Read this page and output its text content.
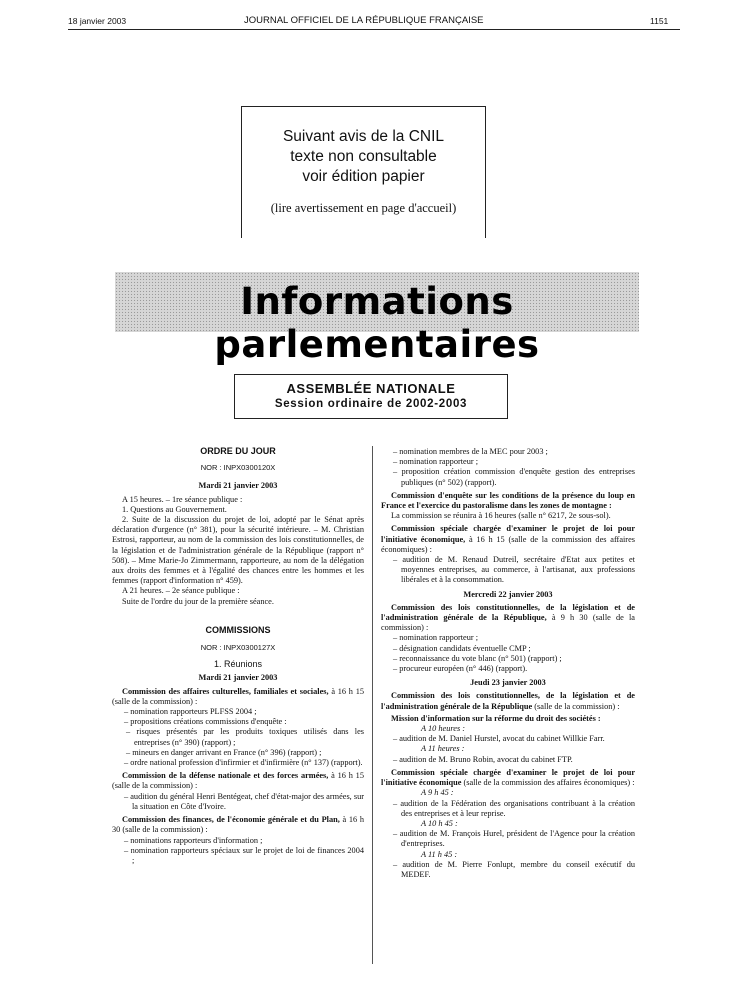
18 janvier 2003	JOURNAL OFFICIEL DE LA RÉPUBLIQUE FRANÇAISE	1151
Suivant avis de la CNIL
texte non consultable
voir édition papier
(lire avertissement en page d'accueil)
Informations parlementaires
ASSEMBLÉE NATIONALE
Session ordinaire de 2002-2003

ORDRE DU JOUR

NOR : INPX0300120X

Mardi 21 janvier 2003

A 15 heures. – 1re séance publique :

1. Questions au Gouvernement.

2. Suite de la discussion du projet de loi, adopté par le Sénat après déclaration d'urgence (n° 381), pour la sécurité intérieure. – M. Christian Estrosi, rapporteur, au nom de la commission des lois constitutionnelles, de la législation et de l'administration générale de la République (rapport n° 508). – Mme Marie-Jo Zimmermann, rapporteure, au nom de la délégation aux droits des femmes et à l'égalité des chances entre les hommes et les femmes (rapport d'information n° 459).

A 21 heures. – 2e séance publique :

Suite de l'ordre du jour de la première séance.

COMMISSIONS

NOR : INPX0300127X

1. Réunions

Mardi 21 janvier 2003

Commission des affaires culturelles, familiales et sociales, à 16 h 15 (salle de la commission) :

– nomination rapporteurs PLFSS 2004 ;

– propositions créations commissions d'enquête :

– risques présentés par les produits toxiques utilisés dans les entreprises (n° 390) (rapport) ;

– mineurs en danger arrivant en France (n° 396) (rapport) ;

– ordre national profession d'infirmier et d'infirmière (n° 137) (rapport).

Commission de la défense nationale et des forces armées, à 16 h 15 (salle de la commission) :

– audition du général Henri Bentégeat, chef d'état-major des armées, sur la situation en Côte d'Ivoire.

Commission des finances, de l'économie générale et du Plan, à 16 h 30 (salle de la commission) :

– nominations rapporteurs d'information ;

– nomination rapporteurs spéciaux sur le projet de loi de finances 2004 ;

– nomination membres de la MEC pour 2003 ;

– nomination rapporteur ;

– proposition création commission d'enquête gestion des entreprises publiques (n° 502) (rapport).

Commission d'enquête sur les conditions de la présence du loup en France et l'exercice du pastoralisme dans les zones de montagne :

La commission se réunira à 16 heures (salle n° 6217, 2e sous-sol).

Commission spéciale chargée d'examiner le projet de loi pour l'initiative économique, à 16 h 15 (salle de la commission des affaires économiques) :

– audition de M. Renaud Dutreil, secrétaire d'Etat aux petites et moyennes entreprises, au commerce, à l'artisanat, aux professions libérales et à la consommation.

Mercredi 22 janvier 2003

Commission des lois constitutionnelles, de la législation et de l'administration générale de la République, à 9 h 30 (salle de la commission) :

– nomination rapporteur ;

– désignation candidats éventuelle CMP ;

– reconnaissance du vote blanc (n° 501) (rapport) ;

– procureur européen (n° 446) (rapport).

Jeudi 23 janvier 2003

Commission des lois constitutionnelles, de la législation et de l'administration générale de la République (salle de la commission) :

Mission d'information sur la réforme du droit des sociétés :

A 10 heures :

– audition de M. Daniel Hurstel, avocat du cabinet Willkie Farr.

A 11 heures :

– audition de M. Bruno Robin, avocat du cabinet FTP.

Commission spéciale chargée d'examiner le projet de loi pour l'initiative économique (salle de la commission des affaires économiques) :

A 9 h 45 :

– audition de la Fédération des organisations contribuant à la création des entreprises et à leur reprise.

A 10 h 45 :

– audition de M. François Hurel, président de l'Agence pour la création d'entreprises.

A 11 h 45 :

– audition de M. Pierre Fonlupt, membre du conseil exécutif du MEDEF.
